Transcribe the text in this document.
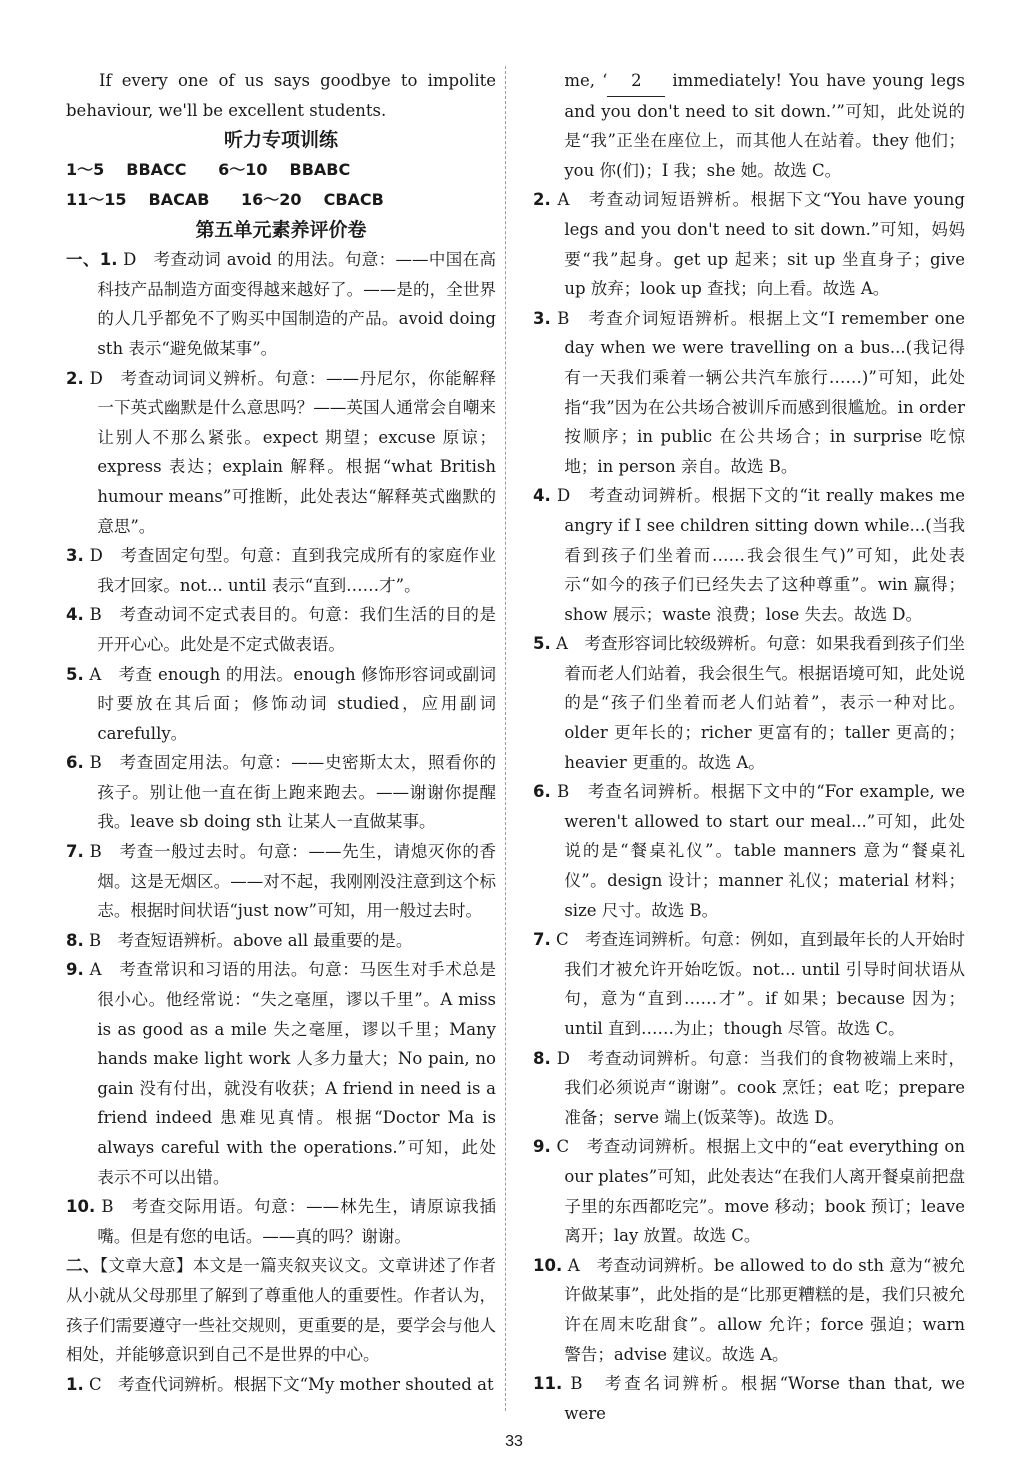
If every one of us says goodbye to impolite behaviour, we'll be excellent students.

听力专项训练

1～5 BBACC 6～10 BBABC

11～15 BACAB 16～20 CBACB

第五单元素养评价卷

一、1. D　考查动词 avoid 的用法。句意：——中国在高科技产品制造方面变得越来越好了。——是的，全世界的人几乎都免不了购买中国制造的产品。avoid doing sth 表示“避免做某事”。

2. D　考查动词词义辨析。句意：——丹尼尔，你能解释一下英式幽默是什么意思吗？——英国人通常会自嘲来让别人不那么紧张。expect 期望；excuse 原谅；express 表达；explain 解释。根据“what British humour means”可推断，此处表达“解释英式幽默的意思”。

3. D　考查固定句型。句意：直到我完成所有的家庭作业我才回家。not... until 表示“直到……才”。

4. B　考查动词不定式表目的。句意：我们生活的目的是开开心心。此处是不定式做表语。

5. A　考查 enough 的用法。enough 修饰形容词或副词时要放在其后面；修饰动词 studied，应用副词 carefully。

6. B　考查固定用法。句意：——史密斯太太，照看你的孩子。别让他一直在街上跑来跑去。——谢谢你提醒我。leave sb doing sth 让某人一直做某事。

7. B　考查一般过去时。句意：——先生，请熄灭你的香烟。这是无烟区。——对不起，我刚刚没注意到这个标志。根据时间状语“just now”可知，用一般过去时。

8. B　考查短语辨析。above all 最重要的是。

9. A　考查常识和习语的用法。句意：马医生对手术总是很小心。他经常说：“失之毫厘，谬以千里”。A miss is as good as a mile 失之毫厘，谬以千里；Many hands make light work 人多力量大；No pain, no gain 没有付出，就没有收获；A friend in need is a friend indeed 患难见真情。根据“Doctor Ma is always careful with the operations.”可知，此处表示不可以出错。

10. B　考查交际用语。句意：——林先生，请原谅我插嘴。但是有您的电话。——真的吗？谢谢。

二、【文章大意】本文是一篇夹叙夹议文。文章讲述了作者从小就从父母那里了解到了尊重他人的重要性。作者认为，孩子们需要遵守一些社交规则，更重要的是，要学会与他人相处，并能够意识到自己不是世界的中心。

1. C　考查代词辨析。根据下文“My mother shouted at

me, ‘ 2 immediately! You have young legs and you don't need to sit down.’”可知，此处说的是“我”正坐在座位上，而其他人在站着。they 他们；you 你(们)；I 我；she 她。故选 C。

2. A　考查动词短语辨析。根据下文“You have young legs and you don't need to sit down.”可知，妈妈要“我”起身。get up 起来；sit up 坐直身子；give up 放弃；look up 查找；向上看。故选 A。

3. B　考查介词短语辨析。根据上文“I remember one day when we were travelling on a bus...(我记得有一天我们乘着一辆公共汽车旅行……)”可知，此处指“我”因为在公共场合被训斥而感到很尴尬。in order 按顺序；in public 在公共场合；in surprise 吃惊地；in person 亲自。故选 B。

4. D　考查动词辨析。根据下文的“it really makes me angry if I see children sitting down while...(当我看到孩子们坐着而……我会很生气)”可知，此处表示“如今的孩子们已经失去了这种尊重”。win 赢得；show 展示；waste 浪费；lose 失去。故选 D。

5. A　考查形容词比较级辨析。句意：如果我看到孩子们坐着而老人们站着，我会很生气。根据语境可知，此处说的是“孩子们坐着而老人们站着”，表示一种对比。older 更年长的；richer 更富有的；taller 更高的；heavier 更重的。故选 A。

6. B　考查名词辨析。根据下文中的“For example, we weren't allowed to start our meal...”可知，此处说的是“餐桌礼仪”。table manners 意为“餐桌礼仪”。design 设计；manner 礼仪；material 材料；size 尺寸。故选 B。

7. C　考查连词辨析。句意：例如，直到最年长的人开始时我们才被允许开始吃饭。not... until 引导时间状语从句，意为“直到……才”。if 如果；because 因为；until 直到……为止；though 尽管。故选 C。

8. D　考查动词辨析。句意：当我们的食物被端上来时，我们必须说声“谢谢”。cook 烹饪；eat 吃；prepare 准备；serve 端上(饭菜等)。故选 D。

9. C　考查动词辨析。根据上文中的“eat everything on our plates”可知，此处表达“在我们人离开餐桌前把盘子里的东西都吃完”。move 移动；book 预订；leave 离开；lay 放置。故选 C。

10. A　考查动词辨析。be allowed to do sth 意为“被允许做某事”，此处指的是“比那更糟糕的是，我们只被允许在周末吃甜食”。allow 允许；force 强迫；warn 警告；advise 建议。故选 A。

11. B　考查名词辨析。根据“Worse than that, we were

33
